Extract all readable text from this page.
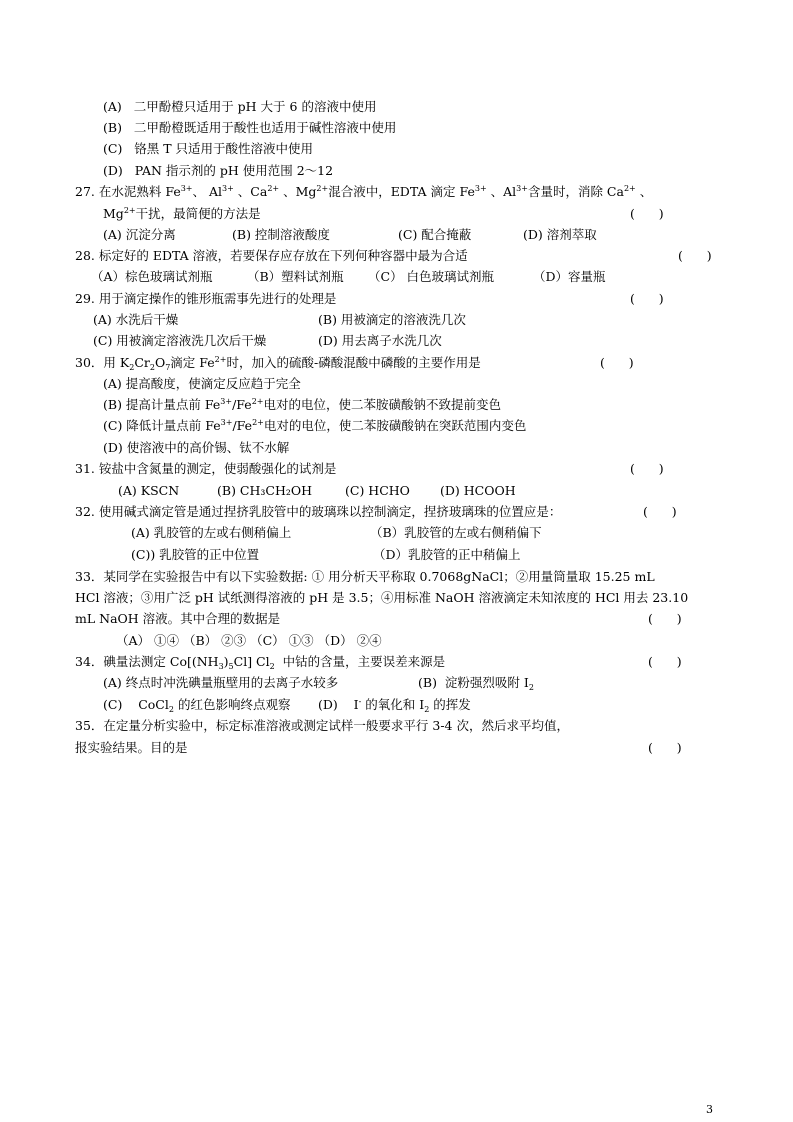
(A) 二甲酚橙只适用于 pH 大于 6 的溶液中使用
(B) 二甲酚橙既适用于酸性也适用于碱性溶液中使用
(C) 铬黑 T 只适用于酸性溶液中使用
(D) PAN 指示剂的 pH 使用范围 2～12
27. 在水泥熟料 $Fe^{3+}$、 $Al^{3+}$ 、$Ca^{2+}$ 、$Mg^{2+}$混合液中，EDTA 滴定 $Fe^{3+}$ 、$Al^{3+}$含量时，消除 $Ca^{2+}$ 、
$Mg^{2+}$干扰，最简便的方法是	(      )
(A) 沉淀分离	(B) 控制溶液酸度	(C) 配合掩蔽	(D) 溶剂萃取
28. 标定好的 EDTA 溶液，若要保存应存放在下列何种容器中最为合适	(      )
（A）棕色玻璃试剂瓶	（B）塑料试剂瓶 （C） 白色玻璃试剂瓶	（D）容量瓶
29. 用于滴定操作的锥形瓶需事先进行的处理是	(      )
(A) 水洗后干燥	(B) 用被滴定的溶液洗几次
(C) 用被滴定溶液洗几次后干燥	(D) 用去离子水洗几次
30．用 $K_2Cr_2O_7$滴定 $Fe^{2+}$时，加入的硫酸-磷酸混酸中磷酸的主要作用是	(      )
(A) 提高酸度，使滴定反应趋于完全
(B) 提高计量点前 $Fe^{3+}/Fe^{2+}$电对的电位，使二苯胺磺酸钠不致提前变色
(C) 降低计量点前 $Fe^{3+}/Fe^{2+}$电对的电位，使二苯胺磺酸钠在突跃范围内变色
(D) 使溶液中的高价锡、钛不水解
31. 铵盐中含氮量的测定，使弱酸强化的试剂是	(      )
(A) KSCN	(B) CH₃CH₂OH	(C) HCHO (D) HCOOH
32. 使用碱式滴定管是通过捏挤乳胶管中的玻璃珠以控制滴定，捏挤玻璃珠的位置应是：	(      )
(A) 乳胶管的左或右侧稍偏上	（B）乳胶管的左或右侧稍偏下
(C)) 乳胶管的正中位置	（D）乳胶管的正中稍偏上
33．某同学在实验报告中有以下实验数据: ① 用分析天平称取 0.7068gNaCl；②用量筒量取 15.25 mL
HCl 溶液；③用广泛 pH 试纸测得溶液的 pH 是 3.5；④用标准 NaOH 溶液滴定未知浓度的 HCl 用去 23.10
mL NaOH 溶液。其中合理的数据是	(      )
（A） ①④ （B） ②③ （C） ①③ （D） ②④
34．碘量法测定 $Co[(NH_3)_5Cl]$ $Cl_2$  中钴的含量，主要误差来源是	(      )
(A) 终点时冲洗碘量瓶壁用的去离子水较多	(B)  淀粉强烈吸附 $I_2$
(C)    CoCl$_2$ 的红色影响终点观察 (D)    I- 的氧化和 $I_2$ 的挥发
35．在定量分析实验中，标定标准溶液或测定试样一般要求平行 3-4 次，然后求平均值，
报实验结果。目的是	(      )
3
